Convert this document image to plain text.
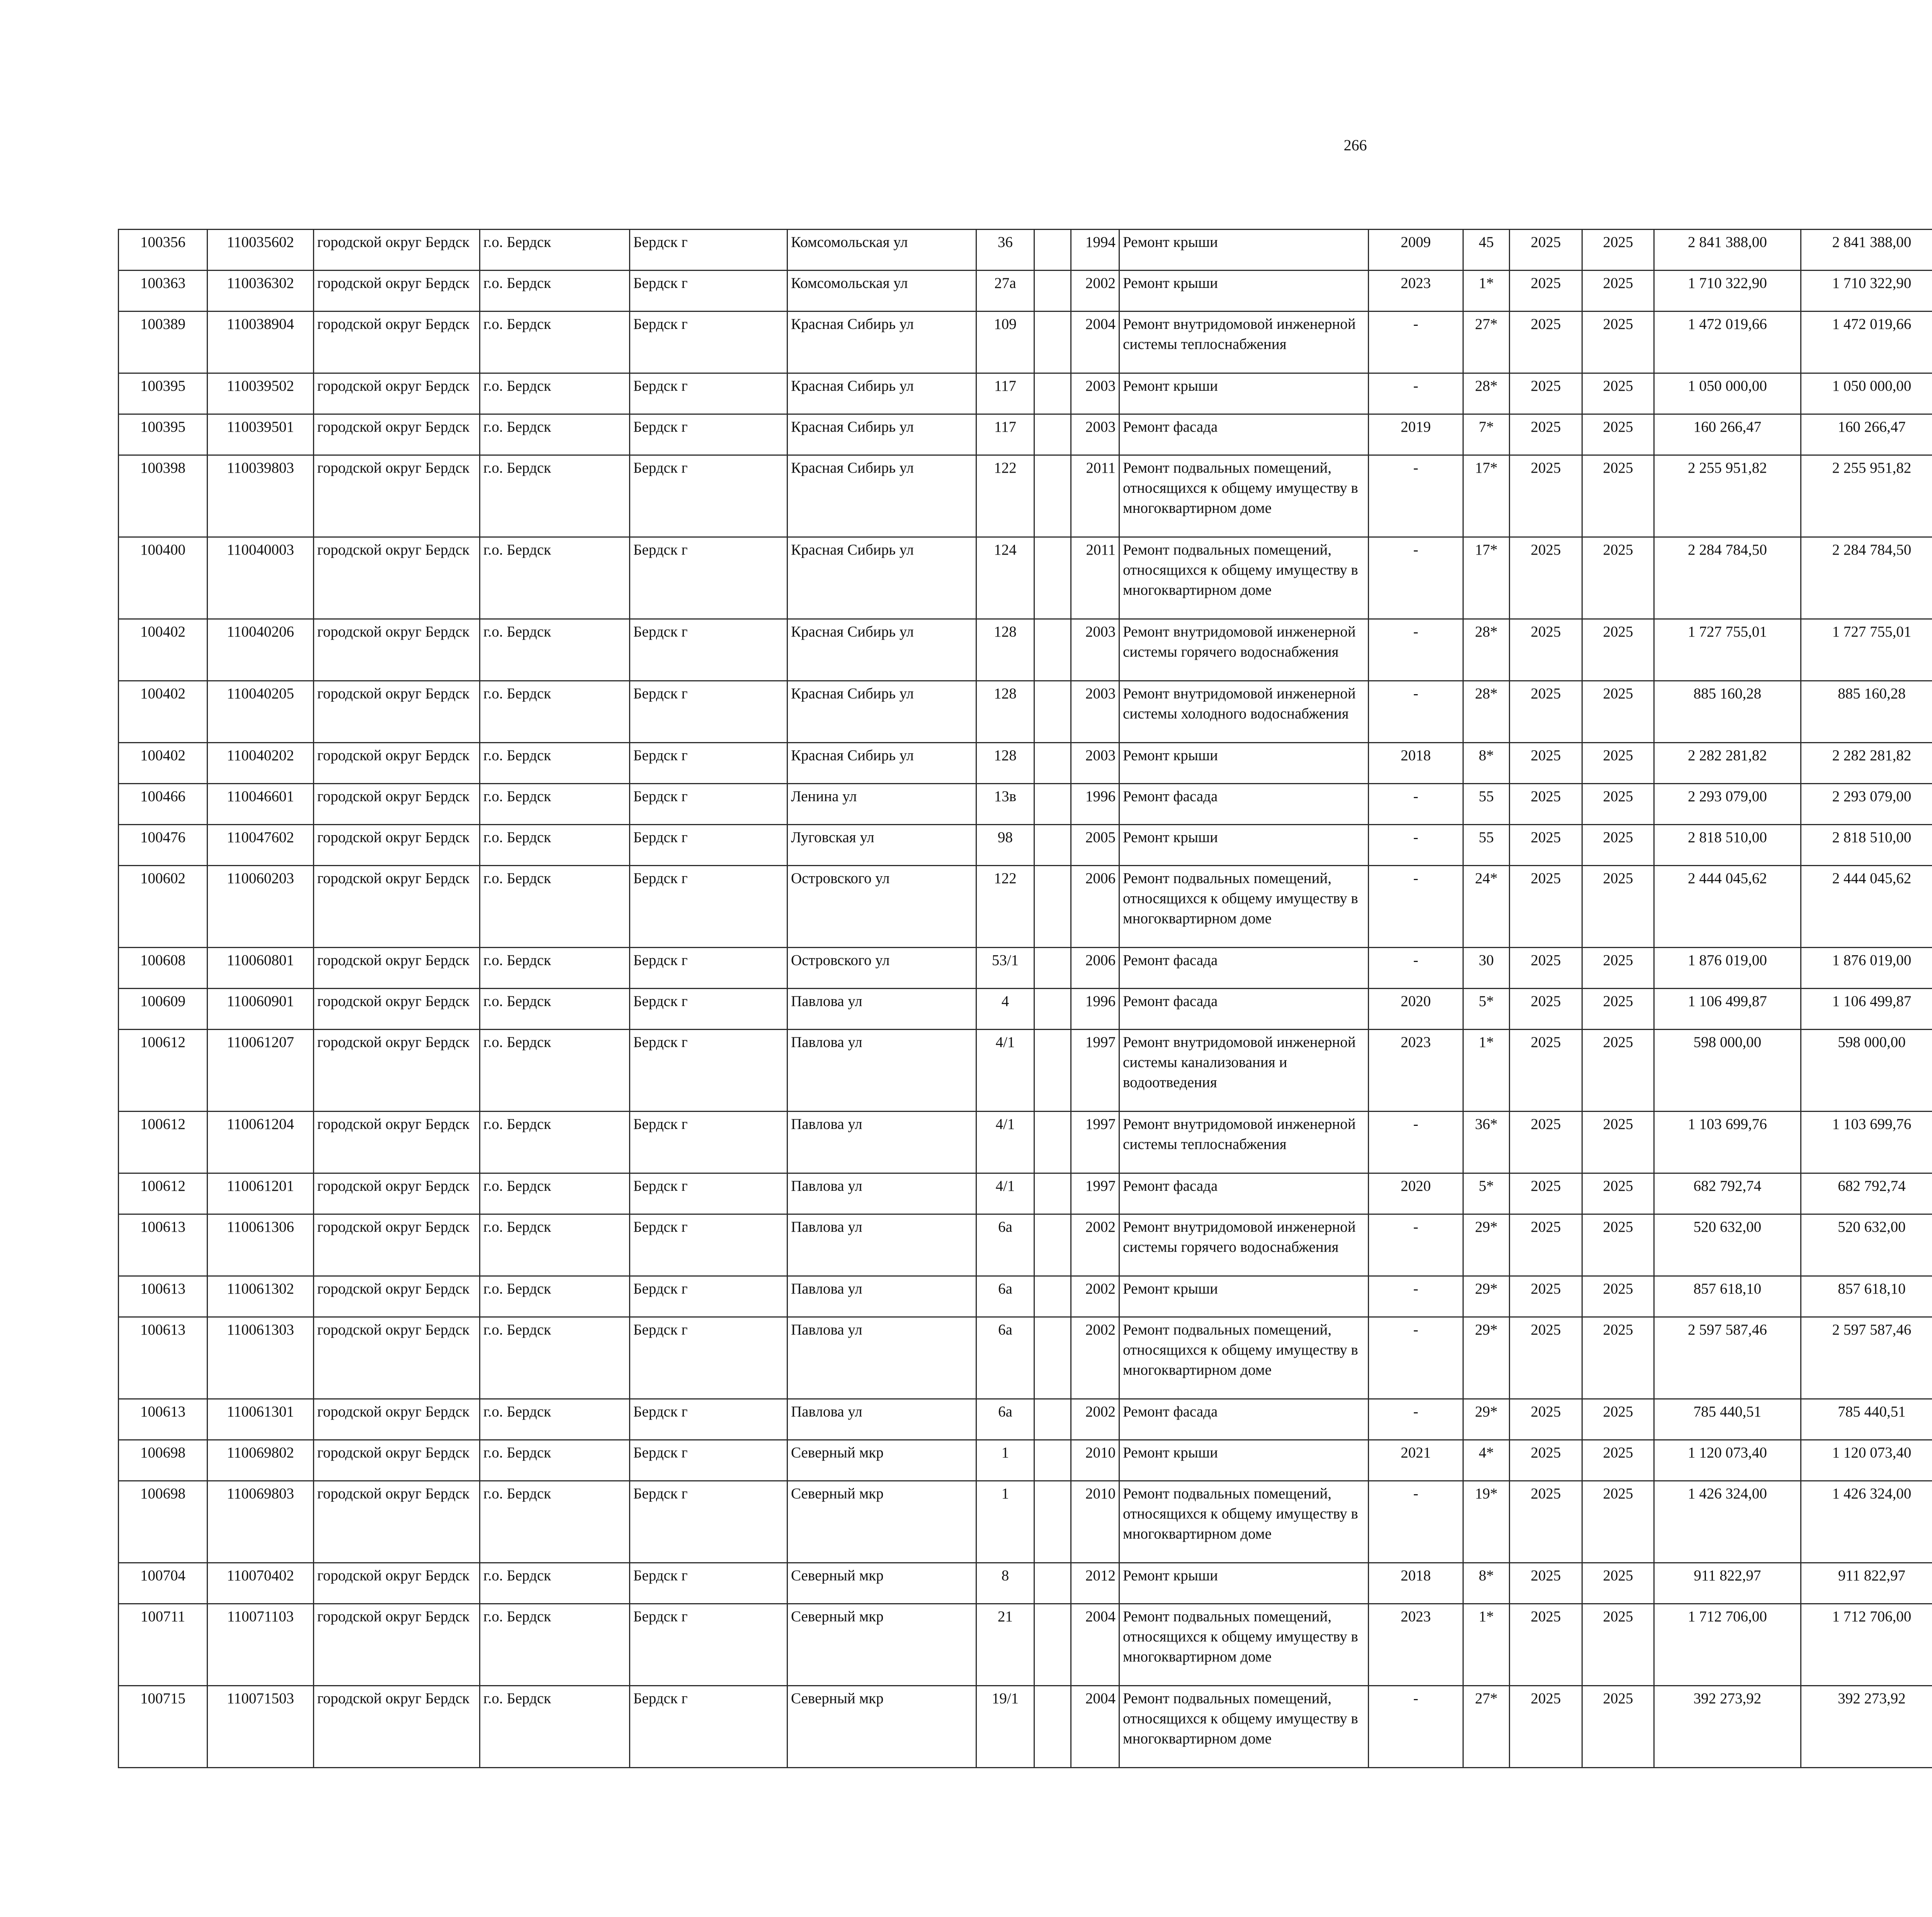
266
100356	110035602	городской округ Бердск	г.о. Бердск	Бердск г	Комсомольская ул	36		1994	Ремонт крыши	2009	45	2025	2025	2 841 388,00	2 841 388,00						
100363	110036302	городской округ Бердск	г.о. Бердск	Бердск г	Комсомольская ул	27а		2002	Ремонт крыши	2023	1*	2025	2025	1 710 322,90	1 710 322,90						
100389	110038904	городской округ Бердск	г.о. Бердск	Бердск г	Красная Сибирь ул	109		2004	Ремонт внутридомовой инженерной системы теплоснабжения	-	27*	2025	2025	1 472 019,66	1 472 019,66						
100395	110039502	городской округ Бердск	г.о. Бердск	Бердск г	Красная Сибирь ул	117		2003	Ремонт крыши	-	28*	2025	2025	1 050 000,00	1 050 000,00						
100395	110039501	городской округ Бердск	г.о. Бердск	Бердск г	Красная Сибирь ул	117		2003	Ремонт фасада	2019	7*	2025	2025	160 266,47	160 266,47						
100398	110039803	городской округ Бердск	г.о. Бердск	Бердск г	Красная Сибирь ул	122		2011	Ремонт подвальных помещений, относящихся к общему имуществу в многоквартирном доме	-	17*	2025	2025	2 255 951,82	2 255 951,82						
100400	110040003	городской округ Бердск	г.о. Бердск	Бердск г	Красная Сибирь ул	124		2011	Ремонт подвальных помещений, относящихся к общему имуществу в многоквартирном доме	-	17*	2025	2025	2 284 784,50	2 284 784,50						
100402	110040206	городской округ Бердск	г.о. Бердск	Бердск г	Красная Сибирь ул	128		2003	Ремонт внутридомовой инженерной системы горячего водоснабжения	-	28*	2025	2025	1 727 755,01	1 727 755,01						
100402	110040205	городской округ Бердск	г.о. Бердск	Бердск г	Красная Сибирь ул	128		2003	Ремонт внутридомовой инженерной системы холодного водоснабжения	-	28*	2025	2025	885 160,28	885 160,28						
100402	110040202	городской округ Бердск	г.о. Бердск	Бердск г	Красная Сибирь ул	128		2003	Ремонт крыши	2018	8*	2025	2025	2 282 281,82	2 282 281,82						
100466	110046601	городской округ Бердск	г.о. Бердск	Бердск г	Ленина ул	13в		1996	Ремонт фасада	-	55	2025	2025	2 293 079,00	2 293 079,00						
100476	110047602	городской округ Бердск	г.о. Бердск	Бердск г	Луговская ул	98		2005	Ремонт крыши	-	55	2025	2025	2 818 510,00	2 818 510,00						
100602	110060203	городской округ Бердск	г.о. Бердск	Бердск г	Островского ул	122		2006	Ремонт подвальных помещений, относящихся к общему имуществу в многоквартирном доме	-	24*	2025	2025	2 444 045,62	2 444 045,62						
100608	110060801	городской округ Бердск	г.о. Бердск	Бердск г	Островского ул	53/1		2006	Ремонт фасада	-	30	2025	2025	1 876 019,00	1 876 019,00						
100609	110060901	городской округ Бердск	г.о. Бердск	Бердск г	Павлова ул	4		1996	Ремонт фасада	2020	5*	2025	2025	1 106 499,87	1 106 499,87						
100612	110061207	городской округ Бердск	г.о. Бердск	Бердск г	Павлова ул	4/1		1997	Ремонт внутридомовой инженерной системы канализования и водоотведения	2023	1*	2025	2025	598 000,00	598 000,00						
100612	110061204	городской округ Бердск	г.о. Бердск	Бердск г	Павлова ул	4/1		1997	Ремонт внутридомовой инженерной системы теплоснабжения	-	36*	2025	2025	1 103 699,76	1 103 699,76						
100612	110061201	городской округ Бердск	г.о. Бердск	Бердск г	Павлова ул	4/1		1997	Ремонт фасада	2020	5*	2025	2025	682 792,74	682 792,74						
100613	110061306	городской округ Бердск	г.о. Бердск	Бердск г	Павлова ул	6а		2002	Ремонт внутридомовой инженерной системы горячего водоснабжения	-	29*	2025	2025	520 632,00	520 632,00						
100613	110061302	городской округ Бердск	г.о. Бердск	Бердск г	Павлова ул	6а		2002	Ремонт крыши	-	29*	2025	2025	857 618,10	857 618,10						
100613	110061303	городской округ Бердск	г.о. Бердск	Бердск г	Павлова ул	6а		2002	Ремонт подвальных помещений, относящихся к общему имуществу в многоквартирном доме	-	29*	2025	2025	2 597 587,46	2 597 587,46						
100613	110061301	городской округ Бердск	г.о. Бердск	Бердск г	Павлова ул	6а		2002	Ремонт фасада	-	29*	2025	2025	785 440,51	785 440,51						
100698	110069802	городской округ Бердск	г.о. Бердск	Бердск г	Северный мкр	1		2010	Ремонт крыши	2021	4*	2025	2025	1 120 073,40	1 120 073,40						
100698	110069803	городской округ Бердск	г.о. Бердск	Бердск г	Северный мкр	1		2010	Ремонт подвальных помещений, относящихся к общему имуществу в многоквартирном доме	-	19*	2025	2025	1 426 324,00	1 426 324,00						
100704	110070402	городской округ Бердск	г.о. Бердск	Бердск г	Северный мкр	8		2012	Ремонт крыши	2018	8*	2025	2025	911 822,97	911 822,97						
100711	110071103	городской округ Бердск	г.о. Бердск	Бердск г	Северный мкр	21		2004	Ремонт подвальных помещений, относящихся к общему имуществу в многоквартирном доме	2023	1*	2025	2025	1 712 706,00	1 712 706,00						
100715	110071503	городской округ Бердск	г.о. Бердск	Бердск г	Северный мкр	19/1		2004	Ремонт подвальных помещений, относящихся к общему имуществу в многоквартирном доме	-	27*	2025	2025	392 273,92	392 273,92						
